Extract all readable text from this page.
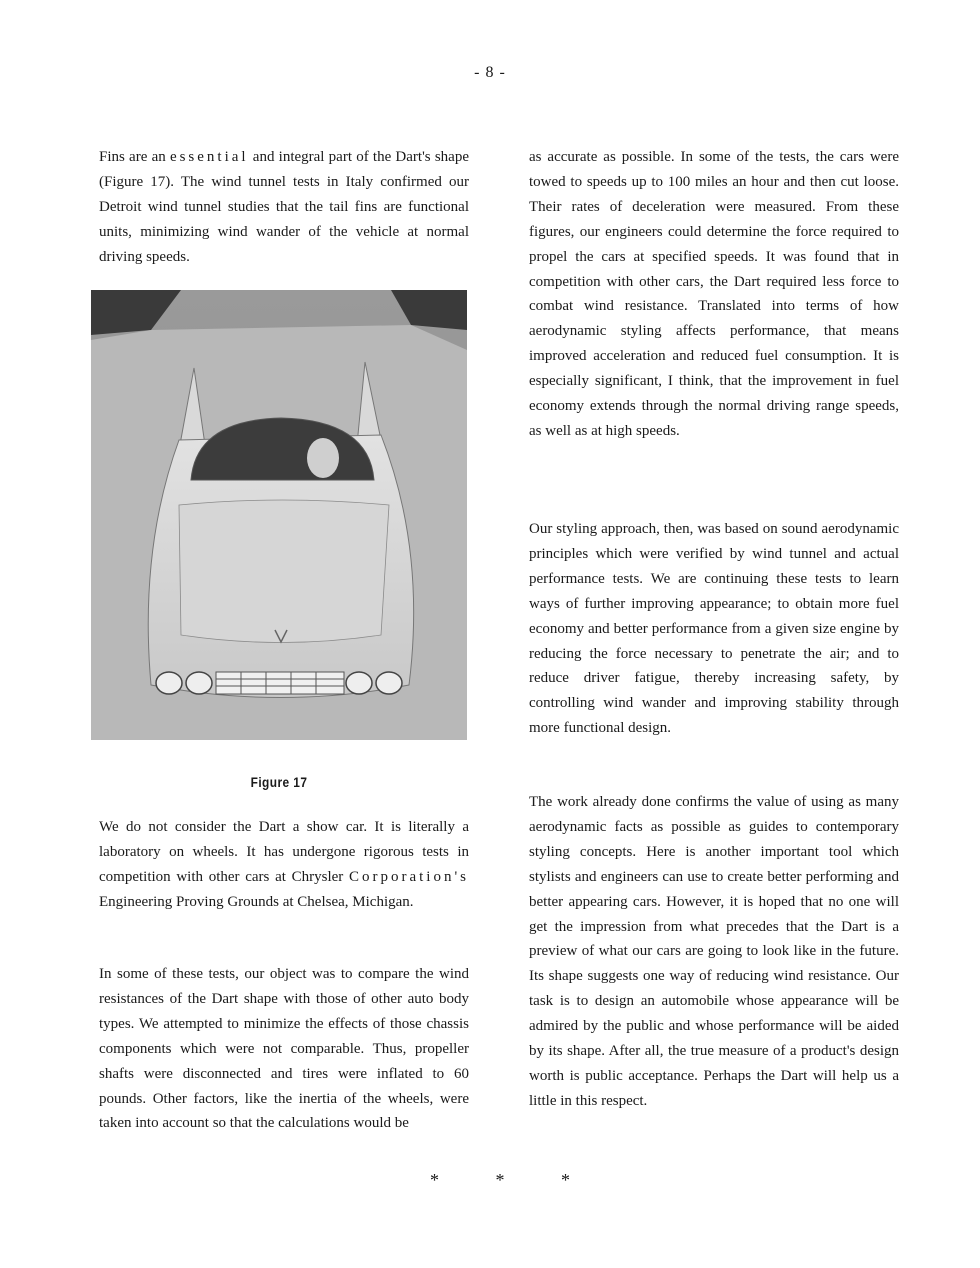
- 8 -

Fins are an essential and integral part of the Dart's shape (Figure 17). The wind tunnel tests in Italy confirmed our Detroit wind tunnel studies that the tail fins are functional units, minimizing wind wander of the vehicle at normal driving speeds.

Figure 17

We do not consider the Dart a show car. It is literally a laboratory on wheels. It has undergone rigorous tests in competition with other cars at Chrysler Corporation's Engineering Proving Grounds at Chelsea, Michigan.

In some of these tests, our object was to compare the wind resistances of the Dart shape with those of other auto body types. We attempted to minimize the effects of those chassis components which were not comparable. Thus, propeller shafts were disconnected and tires were inflated to 60 pounds. Other factors, like the inertia of the wheels, were taken into account so that the calculations would be

as accurate as possible. In some of the tests, the cars were towed to speeds up to 100 miles an hour and then cut loose. Their rates of deceleration were measured. From these figures, our engineers could determine the force required to propel the cars at specified speeds. It was found that in competition with other cars, the Dart required less force to combat wind resistance. Translated into terms of how aerodynamic styling affects performance, that means improved acceleration and reduced fuel consumption. It is especially significant, I think, that the improvement in fuel economy extends through the normal driving range speeds, as well as at high speeds.

Our styling approach, then, was based on sound aerodynamic principles which were verified by wind tunnel and actual performance tests. We are continuing these tests to learn ways of further improving appearance; to obtain more fuel economy and better performance from a given size engine by reducing the force necessary to penetrate the air; and to reduce driver fatigue, thereby increasing safety, by controlling wind wander and improving stability through more functional design.

The work already done confirms the value of using as many aerodynamic facts as possible as guides to contemporary styling concepts. Here is another important tool which stylists and engineers can use to create better performing and better appearing cars. However, it is hoped that no one will get the impression from what precedes that the Dart is a preview of what our cars are going to look like in the future. Its shape suggests one way of reducing wind resistance. Our task is to design an automobile whose appearance will be admired by the public and whose performance will be aided by its shape. After all, the true measure of a product's design worth is public acceptance. Perhaps the Dart will help us a little in this respect.

*	*	*
